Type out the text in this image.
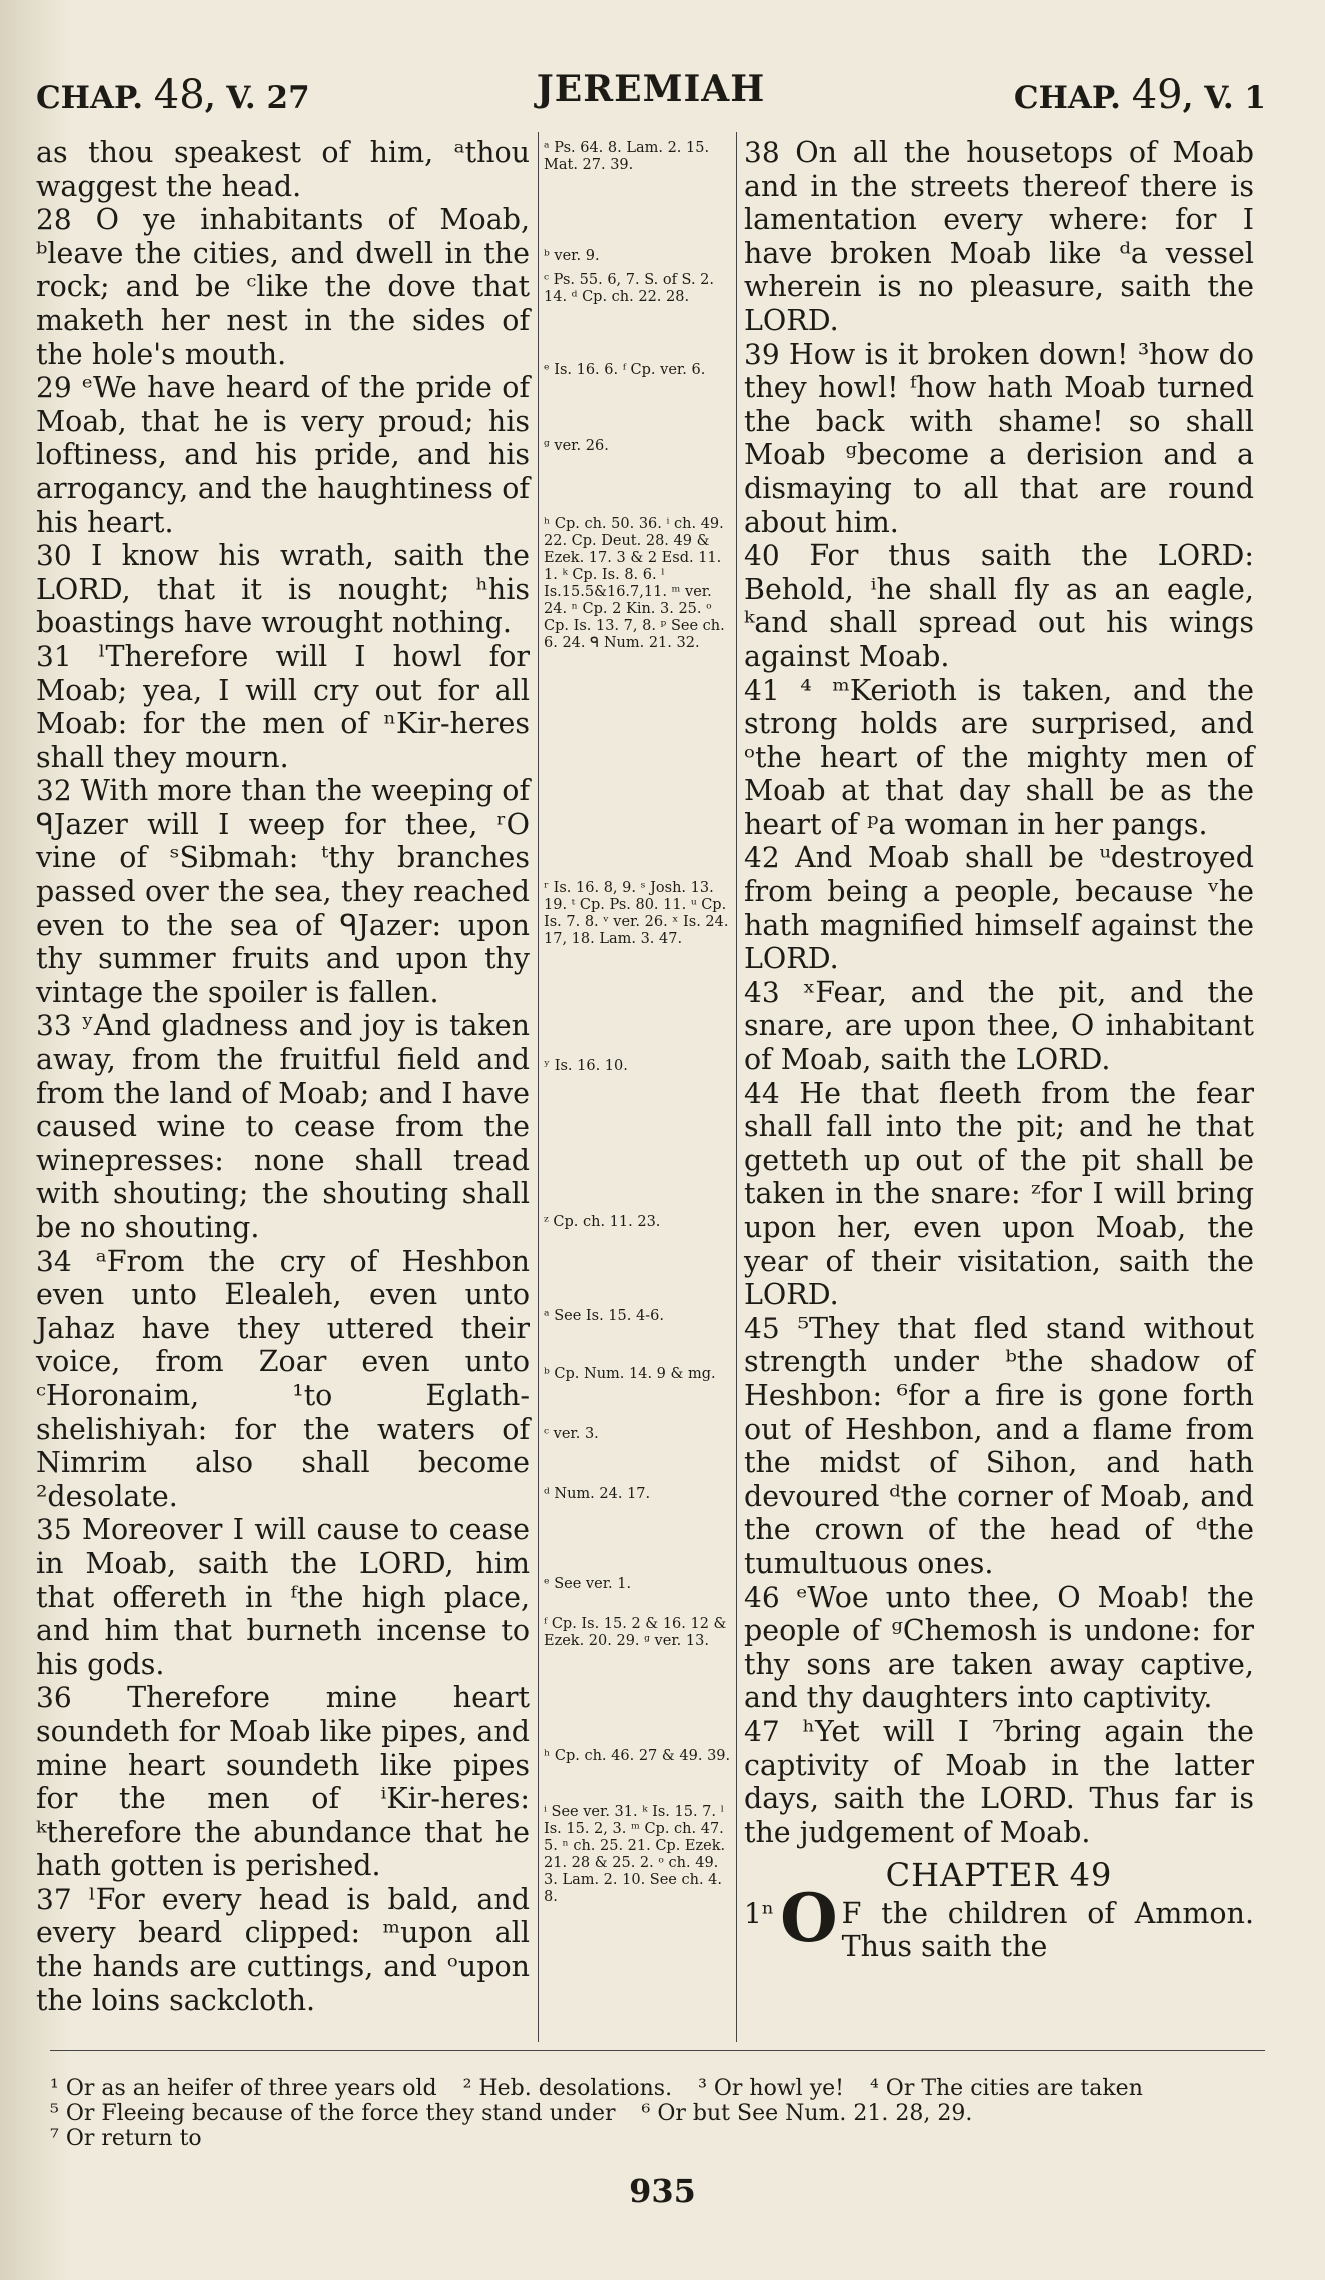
CHAP. 48, V. 27	JEREMIAH	CHAP. 49, V. 1

as thou speakest of him, ᵃthou waggest the head.

28 O ye inhabitants of Moab, ᵇleave the cities, and dwell in the rock; and be ᶜlike the dove that maketh her nest in the sides of the hole's mouth.

29 ᵉWe have heard of the pride of Moab, that he is very proud; his loftiness, and his pride, and his arrogancy, and the haughtiness of his heart.

30 I know his wrath, saith the LORD, that it is nought; ʰhis boastings have wrought nothing.

31 ˡTherefore will I howl for Moab; yea, I will cry out for all Moab: for the men of ⁿKir-heres shall they mourn.

32 With more than the weeping of ᑫJazer will I weep for thee, ʳO vine of ˢSibmah: ᵗthy branches passed over the sea, they reached even to the sea of ᑫJazer: upon thy summer fruits and upon thy vintage the spoiler is fallen.

33 ʸAnd gladness and joy is taken away, from the fruitful field and from the land of Moab; and I have caused wine to cease from the winepresses: none shall tread with shouting; the shouting shall be no shouting.

34 ᵃFrom the cry of Heshbon even unto Elealeh, even unto Jahaz have they uttered their voice, from Zoar even unto ᶜHoronaim, ¹to Eglath-shelishiyah: for the waters of Nimrim also shall become ²desolate.

35 Moreover I will cause to cease in Moab, saith the LORD, him that offereth in ᶠthe high place, and him that burneth incense to his gods.

36 Therefore mine heart soundeth for Moab like pipes, and mine heart soundeth like pipes for the men of ⁱKir-heres: ᵏtherefore the abundance that he hath gotten is perished.

37 ˡFor every head is bald, and every beard clipped: ᵐupon all the hands are cuttings, and ᵒupon the loins sackcloth.

ᵃ Ps. 64. 8. Lam. 2. 15. Mat. 27. 39.
ᵇ ver. 9.
ᶜ Ps. 55. 6, 7. S. of S. 2. 14. ᵈ Cp. ch. 22. 28.
ᵉ Is. 16. 6. ᶠ Cp. ver. 6.
ᵍ ver. 26.
ʰ Cp. ch. 50. 36. ⁱ ch. 49. 22. Cp. Deut. 28. 49 & Ezek. 17. 3 & 2 Esd. 11. 1. ᵏ Cp. Is. 8. 6. ˡ Is.15.5&16.7,11. ᵐ ver. 24. ⁿ Cp. 2 Kin. 3. 25. ᵒ Cp. Is. 13. 7, 8. ᵖ See ch. 6. 24. ᑫ Num. 21. 32.
ʳ Is. 16. 8, 9. ˢ Josh. 13. 19. ᵗ Cp. Ps. 80. 11. ᵘ Cp. Is. 7. 8. ᵛ ver. 26. ˣ Is. 24. 17, 18. Lam. 3. 47.
ʸ Is. 16. 10.
ᶻ Cp. ch. 11. 23.
ᵃ See Is. 15. 4-6.
ᵇ Cp. Num. 14. 9 & mg.
ᶜ ver. 3.
ᵈ Num. 24. 17.
ᵉ See ver. 1.
ᶠ Cp. Is. 15. 2 & 16. 12 & Ezek. 20. 29. ᵍ ver. 13.
ʰ Cp. ch. 46. 27 & 49. 39.
ⁱ See ver. 31. ᵏ Is. 15. 7. ˡ Is. 15. 2, 3. ᵐ Cp. ch. 47. 5. ⁿ ch. 25. 21. Cp. Ezek. 21. 28 & 25. 2. ᵒ ch. 49. 3. Lam. 2. 10. See ch. 4. 8.

38 On all the housetops of Moab and in the streets thereof there is lamentation every where: for I have broken Moab like ᵈa vessel wherein is no pleasure, saith the LORD.

39 How is it broken down! ³how do they howl! ᶠhow hath Moab turned the back with shame! so shall Moab ᵍbecome a derision and a dismaying to all that are round about him.

40 For thus saith the LORD: Behold, ⁱhe shall fly as an eagle, ᵏand shall spread out his wings against Moab.

41 ⁴ ᵐKerioth is taken, and the strong holds are surprised, and ᵒthe heart of the mighty men of Moab at that day shall be as the heart of ᵖa woman in her pangs.

42 And Moab shall be ᵘdestroyed from being a people, because ᵛhe hath magnified himself against the LORD.

43 ˣFear, and the pit, and the snare, are upon thee, O inhabitant of Moab, saith the LORD.

44 He that fleeth from the fear shall fall into the pit; and he that getteth up out of the pit shall be taken in the snare: ᶻfor I will bring upon her, even upon Moab, the year of their visitation, saith the LORD.

45 ⁵They that fled stand without strength under ᵇthe shadow of Heshbon: ⁶for a fire is gone forth out of Heshbon, and a flame from the midst of Sihon, and hath devoured ᵈthe corner of Moab, and the crown of the head of ᵈthe tumultuous ones.

46 ᵉWoe unto thee, O Moab! the people of ᵍChemosh is undone: for thy sons are taken away captive, and thy daughters into captivity.

47 ʰYet will I ⁷bring again the captivity of Moab in the latter days, saith the LORD. Thus far is the judgement of Moab.

CHAPTER 49

1ⁿ O F the children of Ammon. Thus saith the

¹ Or as an heifer of three years old ² Heb. desolations. ³ Or howl ye! ⁴ Or The cities are taken
⁵ Or Fleeing because of the force they stand under ⁶ Or but See Num. 21. 28, 29.
⁷ Or return to
935
